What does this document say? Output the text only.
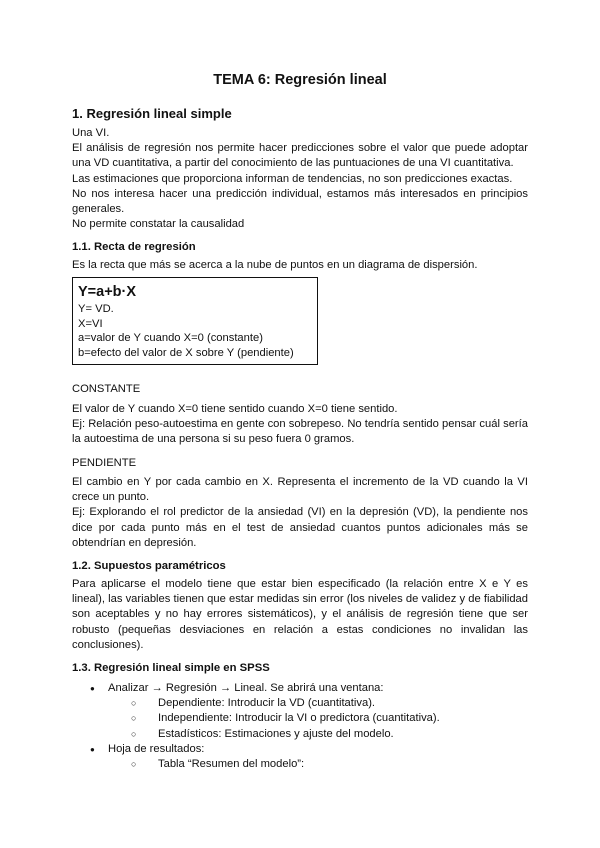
TEMA 6: Regresión lineal
1. Regresión lineal simple

Una VI.

El análisis de regresión nos permite hacer predicciones sobre el valor que puede adoptar una VD cuantitativa, a partir del conocimiento de las puntuaciones de una VI cuantitativa.

Las estimaciones que proporciona informan de tendencias, no son predicciones exactas.

No nos interesa hacer una predicción individual, estamos más interesados en principios generales.

No permite constatar la causalidad

1.1. Recta de regresión

Es la recta que más se acerca a la nube de puntos en un diagrama de dispersión.

Y=a+b·X

Y= VD.

X=VI

a=valor de Y cuando X=0 (constante)

b=efecto del valor de X sobre Y (pendiente)

CONSTANTE

El valor de Y cuando X=0 tiene sentido cuando X=0 tiene sentido.

Ej: Relación peso-autoestima en gente con sobrepeso. No tendría sentido pensar cuál sería la autoestima de una persona si su peso fuera 0 gramos.

PENDIENTE

El cambio en Y por cada cambio en X. Representa el incremento de la VD cuando la VI crece un punto.

Ej: Explorando el rol predictor de la ansiedad (VI) en la depresión (VD), la pendiente nos dice por cada punto más en el test de ansiedad cuantos puntos adicionales más se obtendrían en depresión.

1.2. Supuestos paramétricos

Para aplicarse el modelo tiene que estar bien especificado (la relación entre X e Y es lineal), las variables tienen que estar medidas sin error (los niveles de validez y de fiabilidad son aceptables y no hay errores sistemáticos), y el análisis de regresión tiene que ser robusto (pequeñas desviaciones en relación a estas condiciones no invalidan las conclusiones).

1.3. Regresión lineal simple en SPSS
● Analizar → Regresión → Lineal. Se abrirá una ventana:
○ Dependiente: Introducir la VD (cuantitativa).
○ Independiente: Introducir la VI o predictora (cuantitativa).
○ Estadísticos: Estimaciones y ajuste del modelo.
● Hoja de resultados:
○ Tabla “Resumen del modelo”:
